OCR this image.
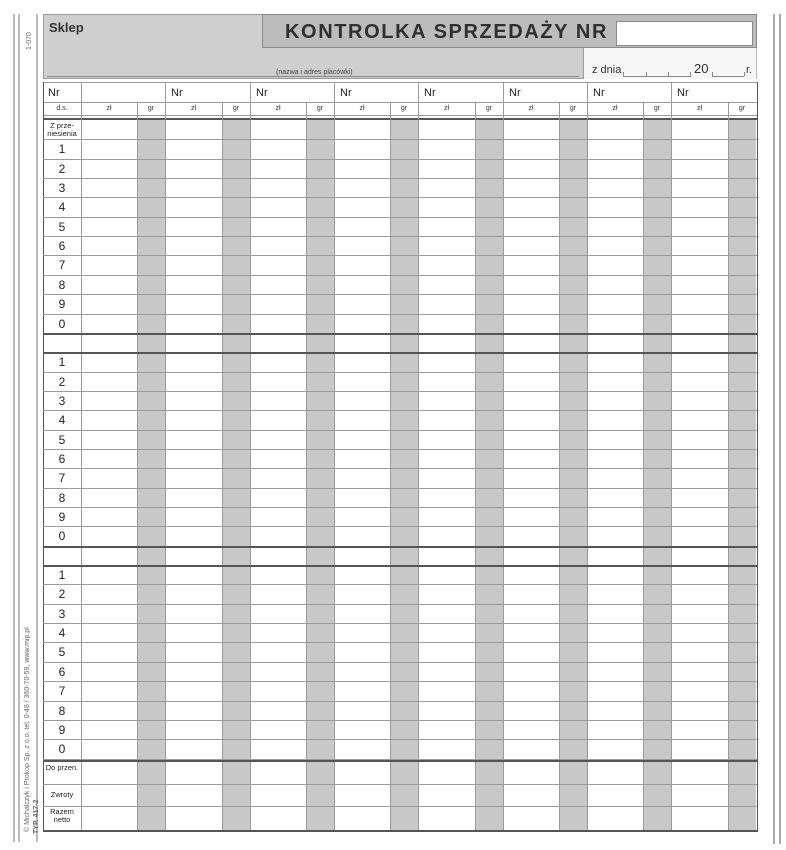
1-070
© Michalczyk i Prokop Sp. z o.o. tel. 0-48 / 360-70-59, www.mip.pl TYP. 417-2
Sklep
(nazwa i adres placówki)
KONTROLKA SPRZEDAŻY NR
z dnia	20	r.
Nr	Nr	Nr	Nr	Nr	Nr	Nr	Nr
d.s.	zł	gr	zł	gr	zł	gr	zł	gr	zł	gr	zł	gr	zł	gr	zł	gr
Z prze- niesienia
1
2
3
4
5
6
7
8
9
0
1
2
3
4
5
6
7
8
9
0
1
2
3
4
5
6
7
8
9
0
Do przen.
Zwroty
Razem netto
